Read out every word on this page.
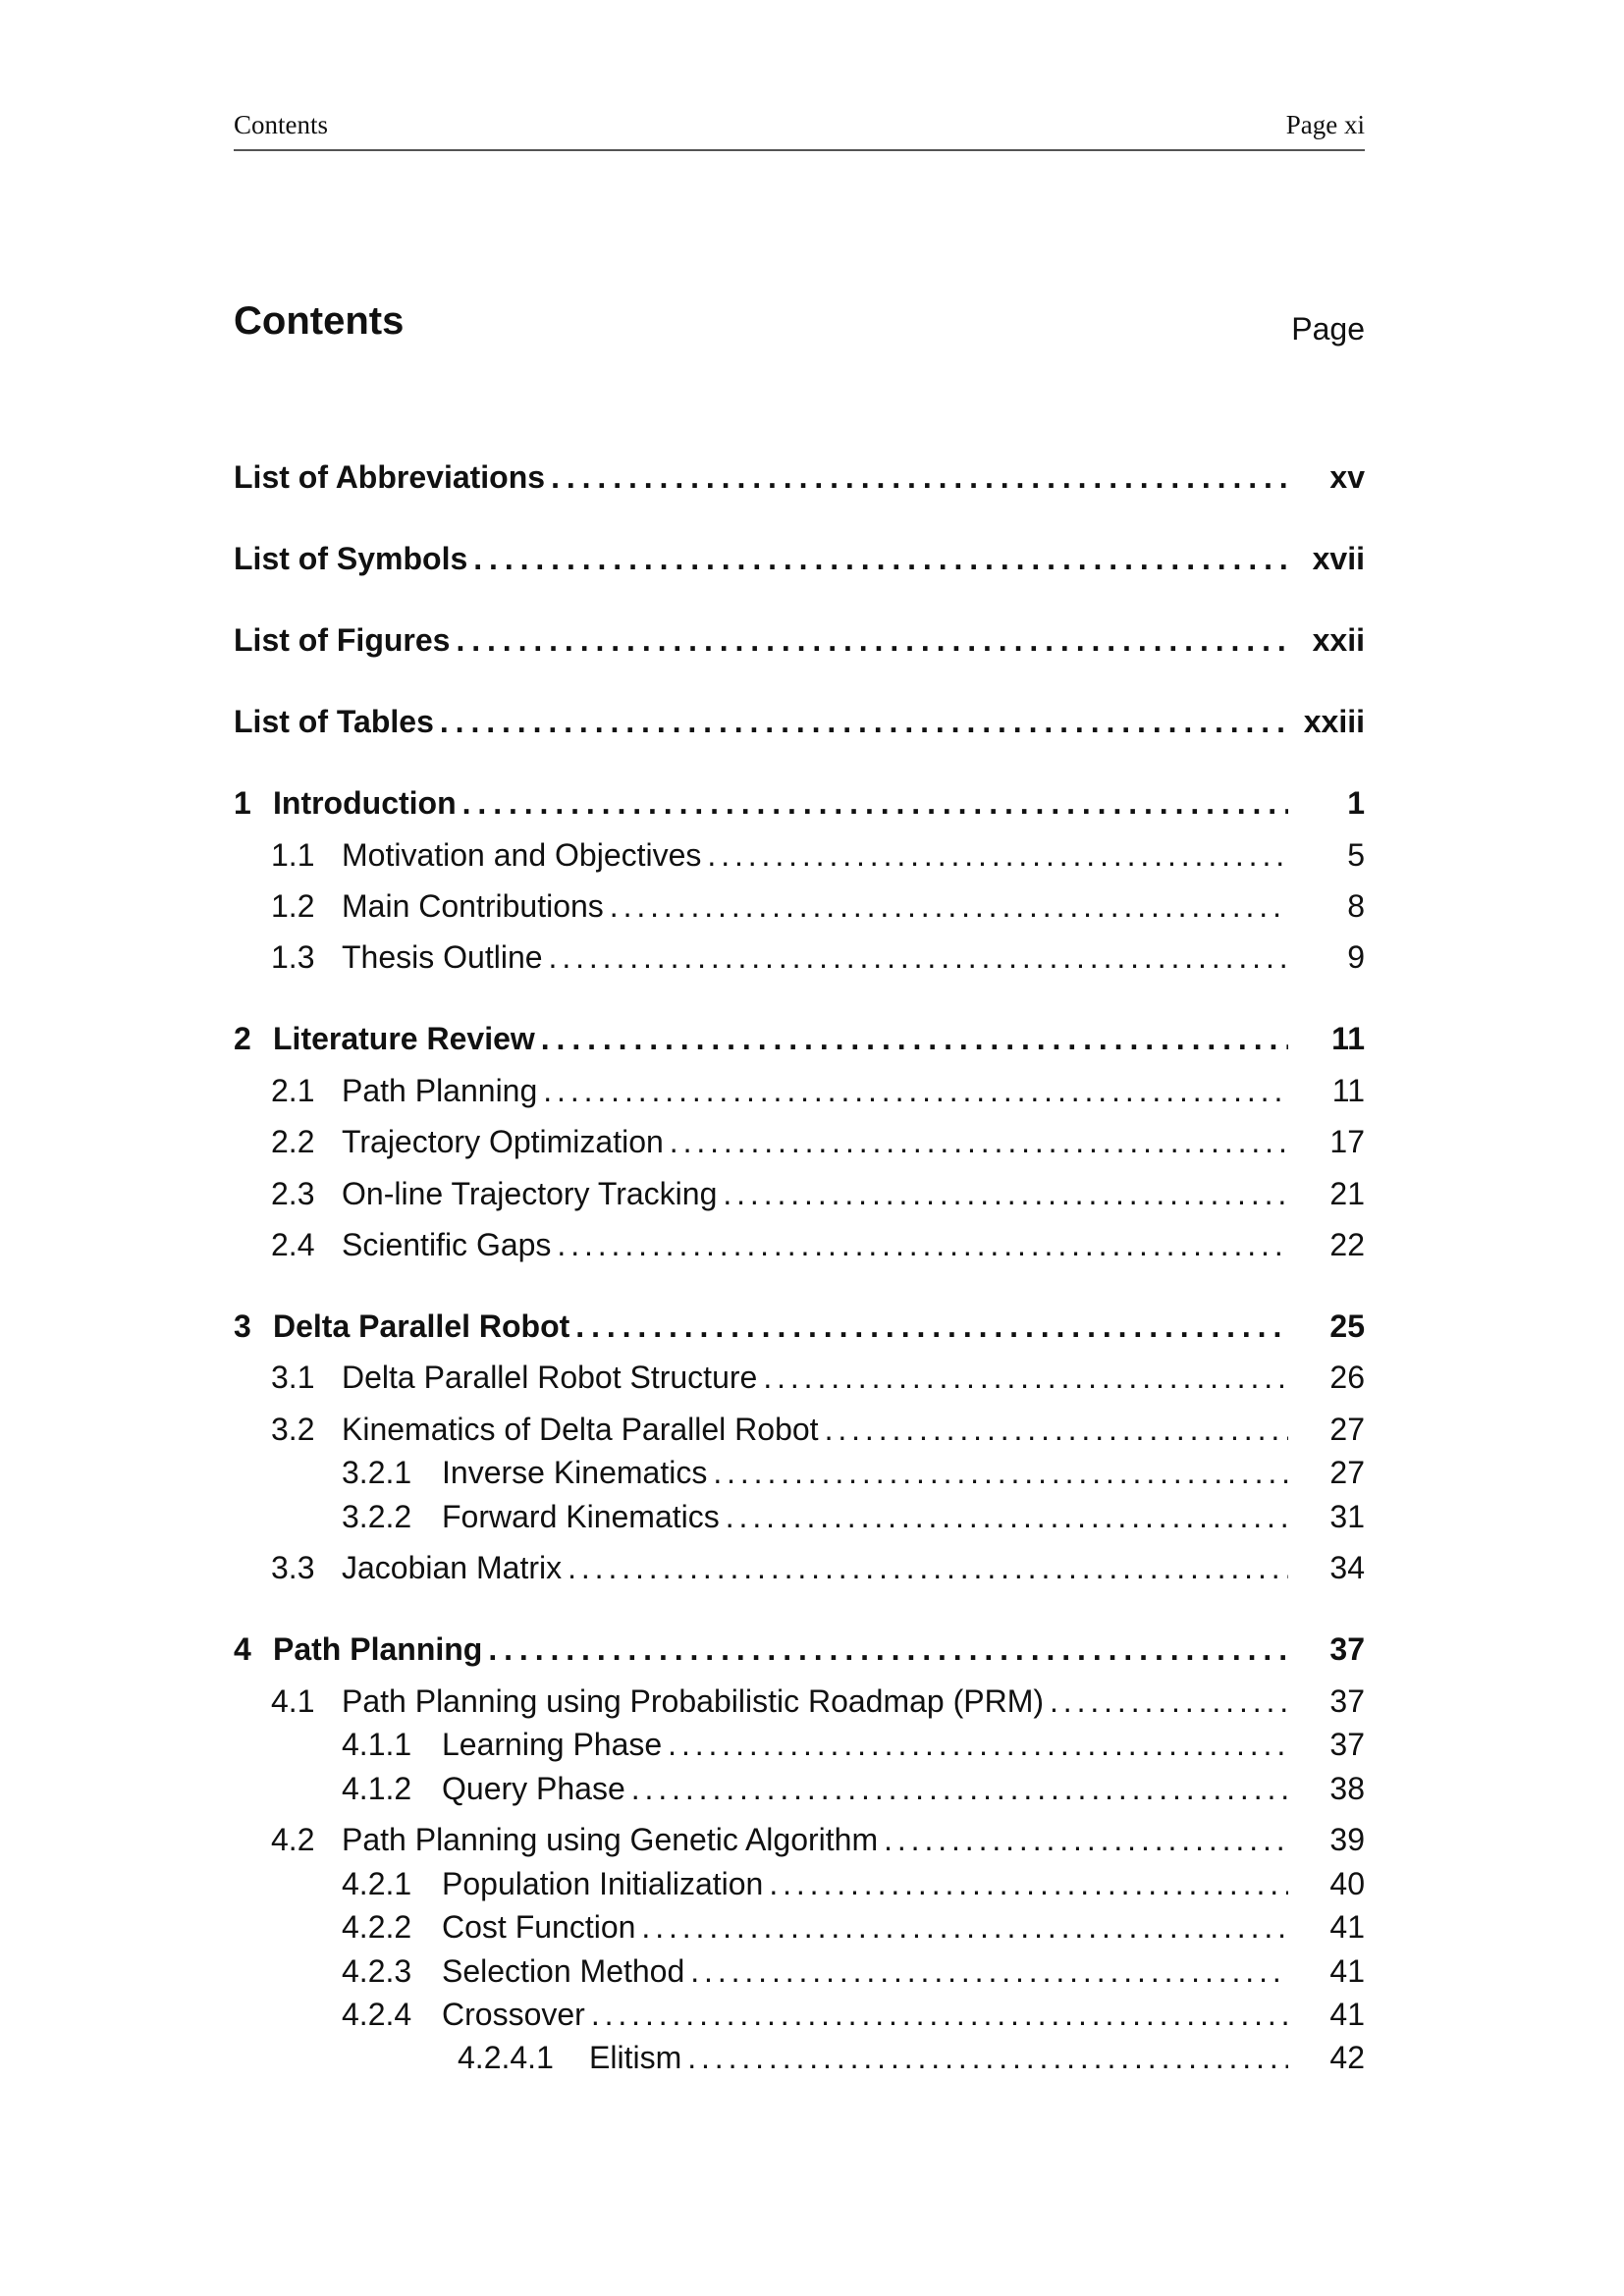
Contents	Page xi
Contents	Page
List of Abbreviations . . .	xv
List of Symbols . . .	xvii
List of Figures . . .	xxii
List of Tables . . .	xxiii
1 Introduction . . .	1
1.1 Motivation and Objectives . . .	5
1.2 Main Contributions . . .	8
1.3 Thesis Outline . . .	9
2 Literature Review . . .	11
2.1 Path Planning . . .	11
2.2 Trajectory Optimization . . .	17
2.3 On-line Trajectory Tracking . . .	21
2.4 Scientific Gaps . . .	22
3 Delta Parallel Robot . . .	25
3.1 Delta Parallel Robot Structure . . .	26
3.2 Kinematics of Delta Parallel Robot . . .	27
3.2.1 Inverse Kinematics . . .	27
3.2.2 Forward Kinematics . . .	31
3.3 Jacobian Matrix . . .	34
4 Path Planning . . .	37
4.1 Path Planning using Probabilistic Roadmap (PRM) . . .	37
4.1.1 Learning Phase . . .	37
4.1.2 Query Phase . . .	38
4.2 Path Planning using Genetic Algorithm . . .	39
4.2.1 Population Initialization . . .	40
4.2.2 Cost Function . . .	41
4.2.3 Selection Method . . .	41
4.2.4 Crossover . . .	41
4.2.4.1	Elitism . . .	42
